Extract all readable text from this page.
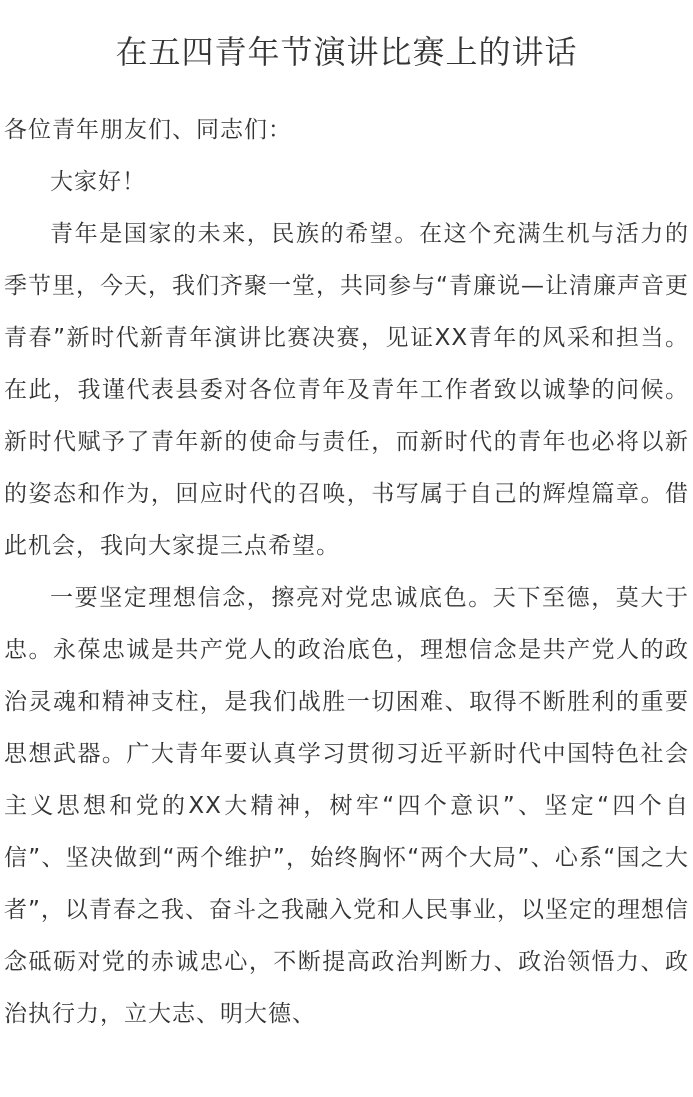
在五四青年节演讲比赛上的讲话

各位青年朋友们、同志们：

大家好！

青年是国家的未来，民族的希望。在这个充满生机与活力的季节里，今天，我们齐聚一堂，共同参与“青廉说—让清廉声音更青春”新时代新青年演讲比赛决赛，见证XX青年的风采和担当。在此，我谨代表县委对各位青年及青年工作者致以诚挚的问候。新时代赋予了青年新的使命与责任，而新时代的青年也必将以新的姿态和作为，回应时代的召唤，书写属于自己的辉煌篇章。借此机会，我向大家提三点希望。

一要坚定理想信念，擦亮对党忠诚底色。天下至德，莫大于忠。永葆忠诚是共产党人的政治底色，理想信念是共产党人的政治灵魂和精神支柱，是我们战胜一切困难、取得不断胜利的重要思想武器。广大青年要认真学习贯彻习近平新时代中国特色社会主义思想和党的XX大精神，树牢“四个意识”、坚定“四个自信”、坚决做到“两个维护”，始终胸怀“两个大局”、心系“国之大者”，以青春之我、奋斗之我融入党和人民事业，以坚定的理想信念砥砺对党的赤诚忠心，不断提高政治判断力、政治领悟力、政治执行力，立大志、明大德、
